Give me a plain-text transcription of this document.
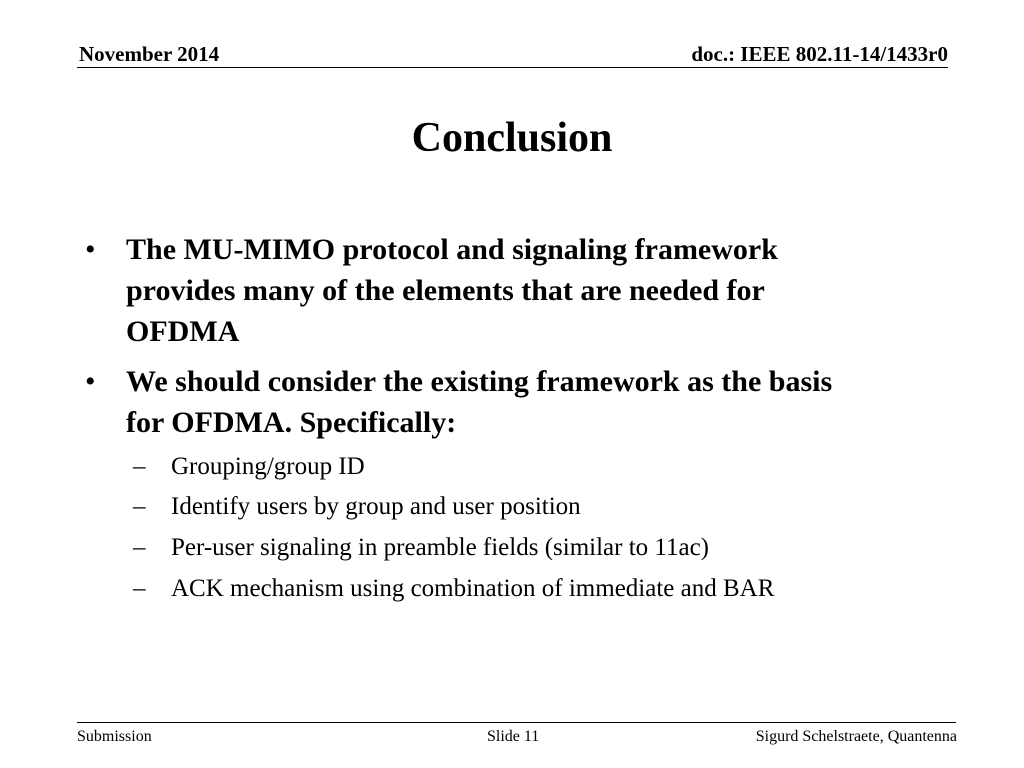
November 2014	doc.: IEEE 802.11-14/1433r0
Conclusion
• The MU-MIMO protocol and signaling framework
provides many of the elements that are needed for
OFDMA
• We should consider the existing framework as the basis
for OFDMA. Specifically:
– Grouping/group ID
– Identify users by group and user position
– Per-user signaling in preamble fields (similar to 11ac)
– ACK mechanism using combination of immediate and BAR
Submission	Slide 11	Sigurd Schelstraete, Quantenna
